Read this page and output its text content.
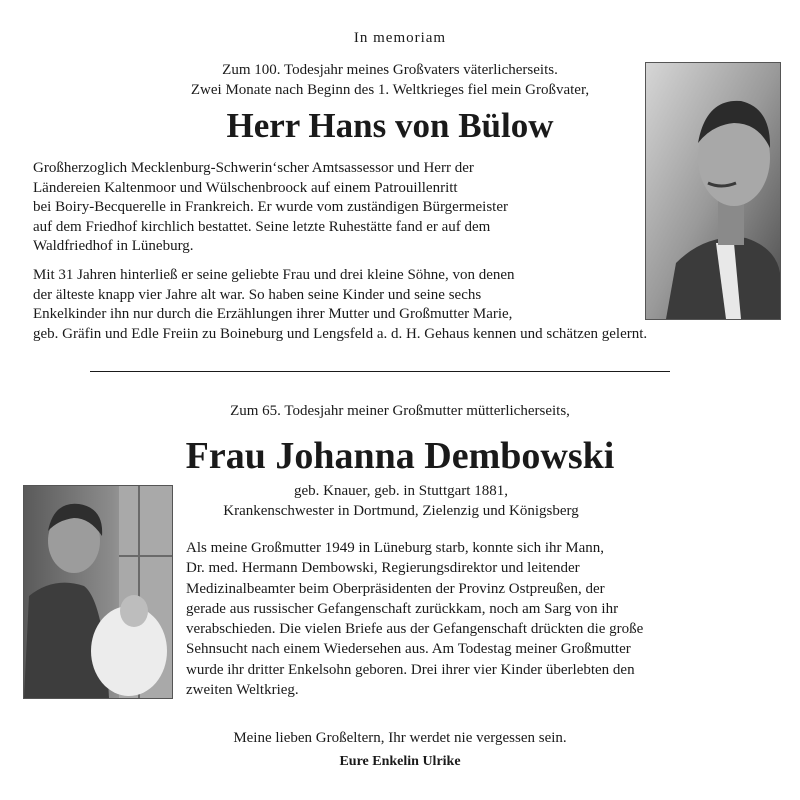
In memoriam
Zum 100. Todesjahr meines Großvaters väterlicherseits.
Zwei Monate nach Beginn des 1. Weltkrieges fiel mein Großvater,
Herr Hans von Bülow
Großherzoglich Mecklenburg-Schwerin‘scher Amtsassessor und Herr der
Ländereien Kaltenmoor und Wülschenbroock auf einem Patrouillenritt
bei Boiry-Becquerelle in Frankreich. Er wurde vom zuständigen Bürgermeister
auf dem Friedhof kirchlich bestattet. Seine letzte Ruhestätte fand er auf dem
Waldfriedhof in Lüneburg.
Mit 31 Jahren hinterließ er seine geliebte Frau und drei kleine Söhne, von denen
der älteste knapp vier Jahre alt war. So haben seine Kinder und seine sechs
Enkelkinder ihn nur durch die Erzählungen ihrer Mutter und Großmutter Marie,
geb. Gräfin und Edle Freiin zu Boineburg und Lengsfeld a. d. H. Gehaus kennen und schätzen gelernt.
Zum 65. Todesjahr meiner Großmutter mütterlicherseits,
Frau Johanna Dembowski
geb. Knauer, geb. in Stuttgart 1881,
Krankenschwester in Dortmund, Zielenzig und Königsberg
Als meine Großmutter 1949 in Lüneburg starb, konnte sich ihr Mann,
Dr. med. Hermann Dembowski, Regierungsdirektor und leitender
Medizinalbeamter beim Oberpräsidenten der Provinz Ostpreußen, der
gerade aus russischer Gefangenschaft zurückkam, noch am Sarg von ihr
verabschieden. Die vielen Briefe aus der Gefangenschaft drückten die große
Sehnsucht nach einem Wiedersehen aus. Am Todestag meiner Großmutter
wurde ihr dritter Enkelsohn geboren. Drei ihrer vier Kinder überlebten den
zweiten Weltkrieg.
Meine lieben Großeltern, Ihr werdet nie vergessen sein.
Eure Enkelin Ulrike
